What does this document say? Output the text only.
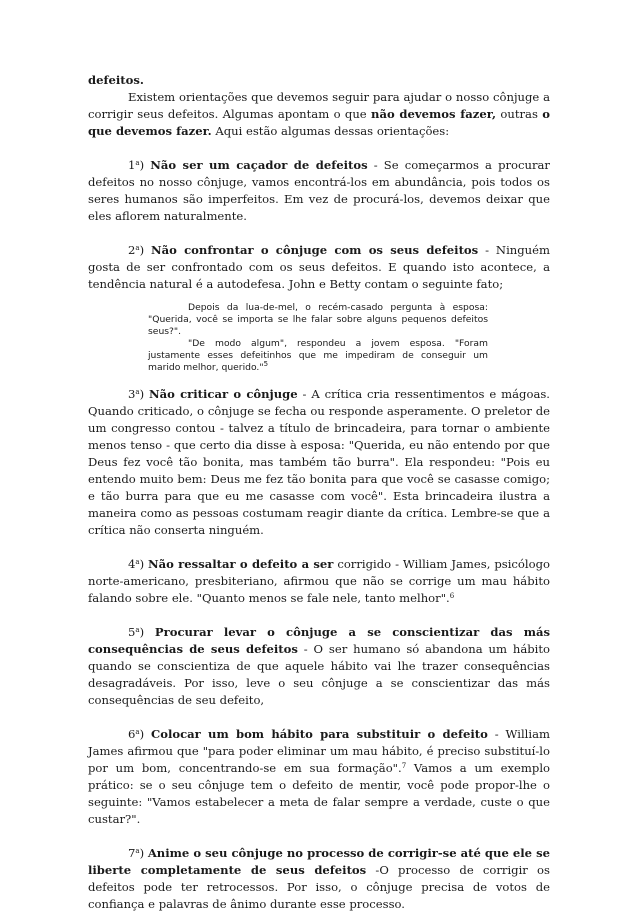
defeitos.

Existem orientações que devemos seguir para ajudar o nosso cônjuge a corrigir seus defeitos. Algumas apontam o que não devemos fazer, outras o que devemos fazer. Aqui estão algumas dessas orientações:

1$^a$) Não ser um caçador de defeitos - Se começarmos a procurar defeitos no nosso cônjuge, vamos encontrá-los em abundância, pois todos os seres humanos são imperfeitos. Em vez de procurá-los, devemos deixar que eles aflorem naturalmente.

2$^a$) Não confrontar o cônjuge com os seus defeitos - Ninguém gosta de ser confrontado com os seus defeitos. E quando isto acontece, a tendência natural é a autodefesa. John e Betty contam o seguinte fato;

Depois da lua-de-mel, o recém-casado pergunta à esposa: "Querida, você se importa se lhe falar sobre alguns pequenos defeitos seus?".

"De modo algum", respondeu a jovem esposa. "Foram justamente esses defeitinhos que me impediram de conseguir um marido melhor, querido."$^5$

3$^a$) Não criticar o cônjuge - A crítica cria ressentimentos e mágoas. Quando criticado, o cônjuge se fecha ou responde asperamente. O preletor de um congresso contou - talvez a título de brincadeira, para tornar o ambiente menos tenso - que certo dia disse à esposa: "Querida, eu não entendo por que Deus fez você tão bonita, mas também tão burra". Ela respondeu: "Pois eu entendo muito bem: Deus me fez tão bonita para que você se casasse comigo; e tão burra para que eu me casasse com você". Esta brincadeira ilustra a maneira como as pessoas costumam reagir diante da crítica. Lembre-se que a crítica não conserta ninguém.

4$^a$) Não ressaltar o defeito a ser corrigido - William James, psicólogo norte-americano, presbiteriano, afirmou que não se corrige um mau hábito falando sobre ele. "Quanto menos se fale nele, tanto melhor".$^6$

5$^a$) Procurar levar o cônjuge a se conscientizar das más consequências de seus defeitos - O ser humano só abandona um hábito quando se conscientiza de que aquele hábito vai lhe trazer consequências desagradáveis. Por isso, leve o seu cônjuge a se conscientizar das más consequências de seu defeito,

6$^a$) Colocar um bom hábito para substituir o defeito - William James afirmou que "para poder eliminar um mau hábito, é preciso substituí-lo por um bom, concentrando-se em sua formação".$^7$ Vamos a um exemplo prático: se o seu cônjuge tem o defeito de mentir, você pode propor-lhe o seguinte: "Vamos estabelecer a meta de falar sempre a verdade, custe o que custar?".

7$^a$) Anime o seu cônjuge no processo de corrigir-se até que ele se liberte completamente de seus defeitos -O processo de corrigir os defeitos pode ter retrocessos. Por isso, o cônjuge precisa de votos de confiança e palavras de ânimo durante esse processo.
